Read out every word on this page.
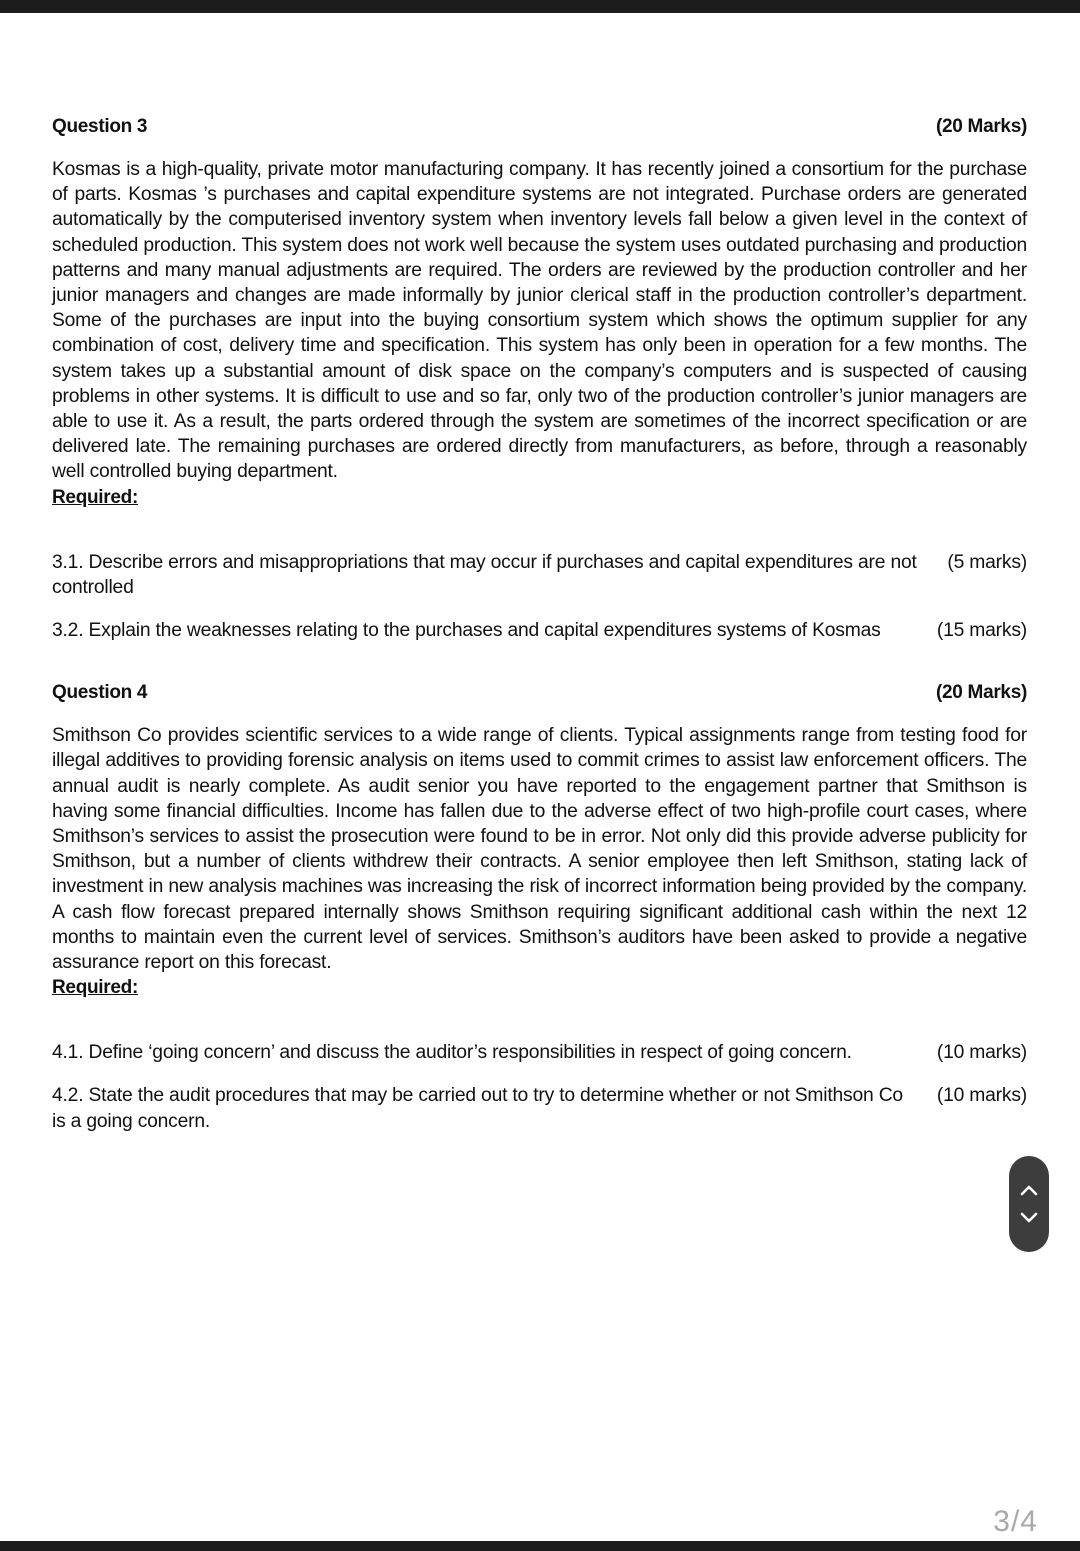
Question 3	(20 Marks)
Kosmas is a high-quality, private motor manufacturing company. It has recently joined a consortium for the purchase of parts. Kosmas ’s purchases and capital expenditure systems are not integrated. Purchase orders are generated automatically by the computerised inventory system when inventory levels fall below a given level in the context of scheduled production. This system does not work well because the system uses outdated purchasing and production patterns and many manual adjustments are required. The orders are reviewed by the production controller and her junior managers and changes are made informally by junior clerical staff in the production controller’s department. Some of the purchases are input into the buying consortium system which shows the optimum supplier for any combination of cost, delivery time and specification. This system has only been in operation for a few months. The system takes up a substantial amount of disk space on the company’s computers and is suspected of causing problems in other systems. It is difficult to use and so far, only two of the production controller’s junior managers are able to use it. As a result, the parts ordered through the system are sometimes of the incorrect specification or are delivered late. The remaining purchases are ordered directly from manufacturers, as before, through a reasonably well controlled buying department.
Required:
3.1. Describe errors and misappropriations that may occur if purchases and capital expenditures are not controlled
(5 marks)
3.2. Explain the weaknesses relating to the purchases and capital expenditures systems of Kosmas	(15 marks)
Question 4	(20 Marks)
Smithson Co provides scientific services to a wide range of clients. Typical assignments range from testing food for illegal additives to providing forensic analysis on items used to commit crimes to assist law enforcement officers. The annual audit is nearly complete. As audit senior you have reported to the engagement partner that Smithson is having some financial difficulties. Income has fallen due to the adverse effect of two high-profile court cases, where Smithson’s services to assist the prosecution were found to be in error. Not only did this provide adverse publicity for Smithson, but a number of clients withdrew their contracts. A senior employee then left Smithson, stating lack of investment in new analysis machines was increasing the risk of incorrect information being provided by the company. A cash flow forecast prepared internally shows Smithson requiring significant additional cash within the next 12 months to maintain even the current level of services. Smithson’s auditors have been asked to provide a negative assurance report on this forecast.
Required:
4.1. Define ‘going concern’ and discuss the auditor’s responsibilities in respect of going concern.	(10 marks)
4.2. State the audit procedures that may be carried out to try to determine whether or not Smithson Co is a going concern.
(10 marks)
3/4
